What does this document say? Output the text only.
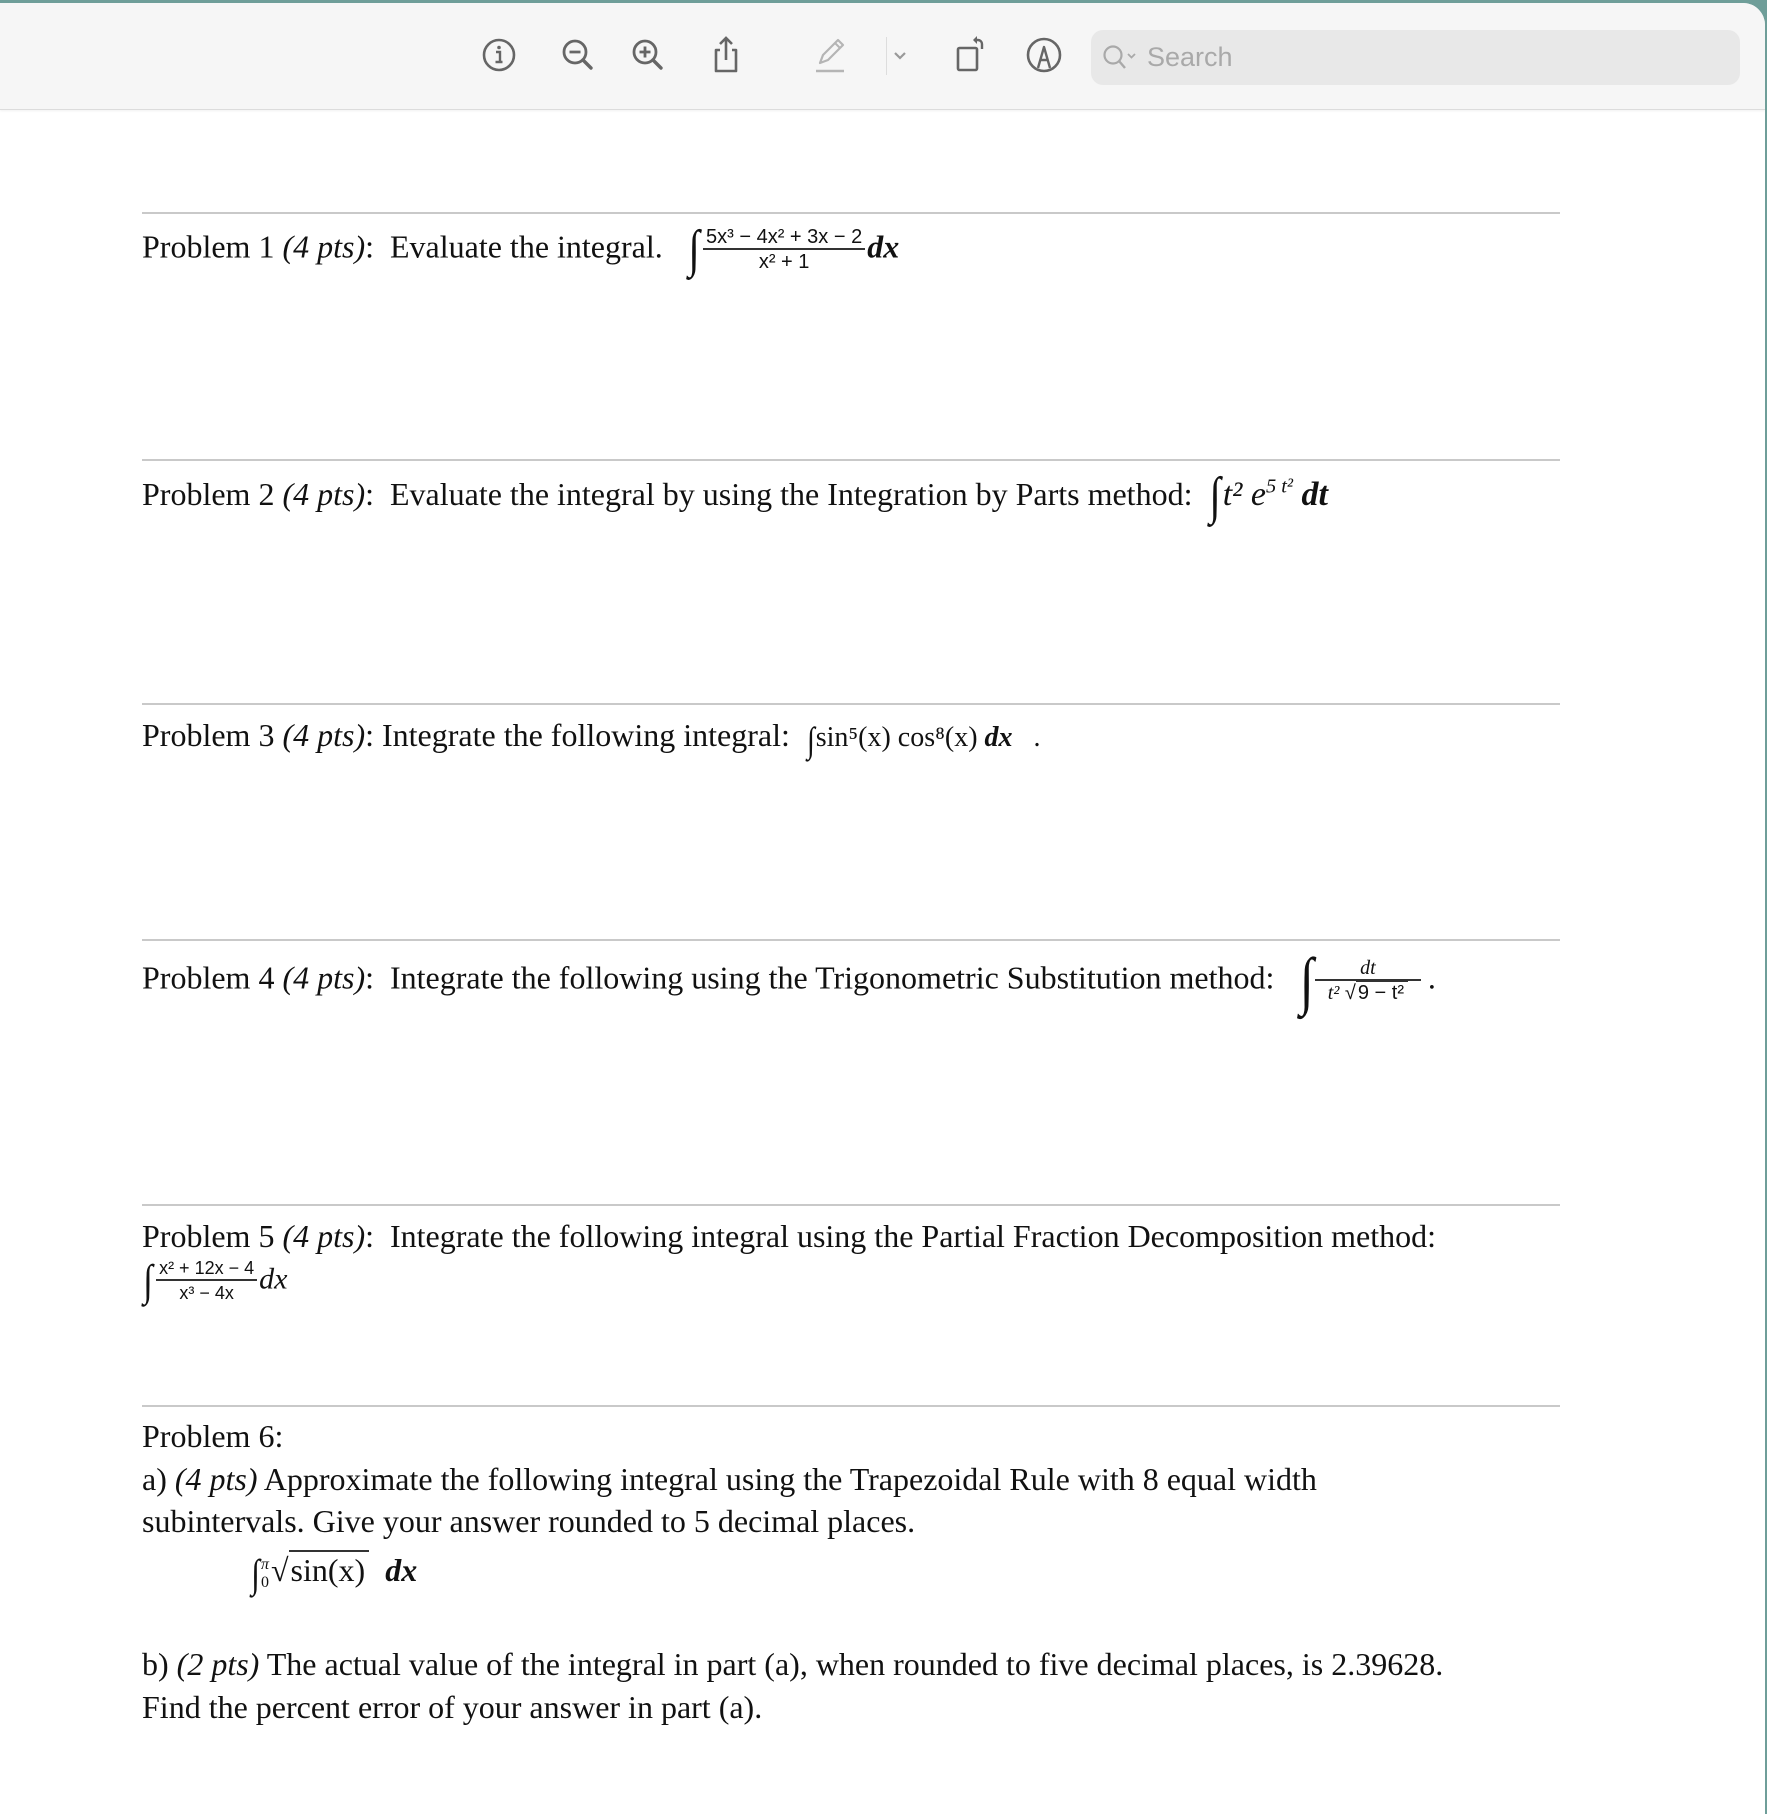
Search
Problem 1 (4 pts): Evaluate the integral. ∫ $\frac{\text{5x³ − 4x² + 3x − 2}}{\text{x² + 1}}$ dx
Problem 2 (4 pts): Evaluate the integral by using the Integration by Parts method: ∫t² $e^{5 t^2}$ dt
Problem 3 (4 pts): Integrate the following integral: ∫sin⁵(x) cos⁸(x) dx .
Problem 4 (4 pts): Integrate the following using the Trigonometric Substitution method: ∫ $\frac{dt}{\text{t² √ 9 − t²}}$ .
Problem 5 (4 pts): Integrate the following integral using the Partial Fraction Decomposition method:
∫ $\frac{\text{x² + 12x − 4}}{\text{x³ − 4x}}$ dx
Problem 6:
a) (4 pts) Approximate the following integral using the Trapezoidal Rule with 8 equal width
subintervals. Give your answer rounded to 5 decimal places.
∫ π
0 √sin(x) dx
b) (2 pts) The actual value of the integral in part (a), when rounded to five decimal places, is 2.39628.
Find the percent error of your answer in part (a).
